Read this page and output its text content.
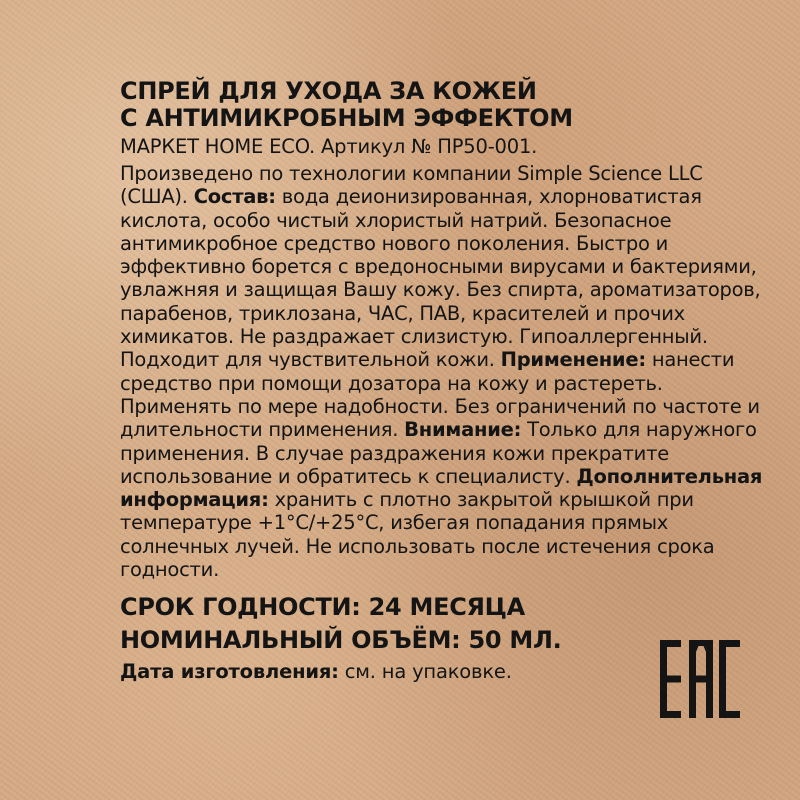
СПРЕЙ ДЛЯ УХОДА ЗА КОЖЕЙ
С АНТИМИКРОБНЫМ ЭФФЕКТОМ
МАРКЕТ HOME ECO. Артикул № ПР50-001.

Произведено по технологии компании Simple Science LLC (США). Состав: вода деионизированная, хлорноватистая кислота, особо чистый хлористый натрий. Безопасное антимикробное средство нового поколения. Быстро и эффективно борется с вредоносными вирусами и бактериями, увлажняя и защищая Вашу кожу. Без спирта, ароматизаторов, парабенов, триклозана, ЧАС, ПАВ, красителей и прочих химикатов. Не раздражает слизистую. Гипоаллергенный. Подходит для чувствительной кожи. Применение: нанести средство при помощи дозатора на кожу и растереть. Применять по мере надобности. Без ограничений по частоте и длительности применения. Внимание: Только для наружного применения. В случае раздражения кожи прекратите использование и обратитесь к специалисту. Дополнительная информация: хранить с плотно закрытой крышкой при температуре +1°С/+25°С, избегая попадания прямых солнечных лучей. Не использовать после истечения срока годности.

СРОК ГОДНОСТИ: 24 МЕСЯЦА
НОМИНАЛЬНЫЙ ОБЪЁМ: 50 МЛ.
Дата изготовления: см. на упаковке.
